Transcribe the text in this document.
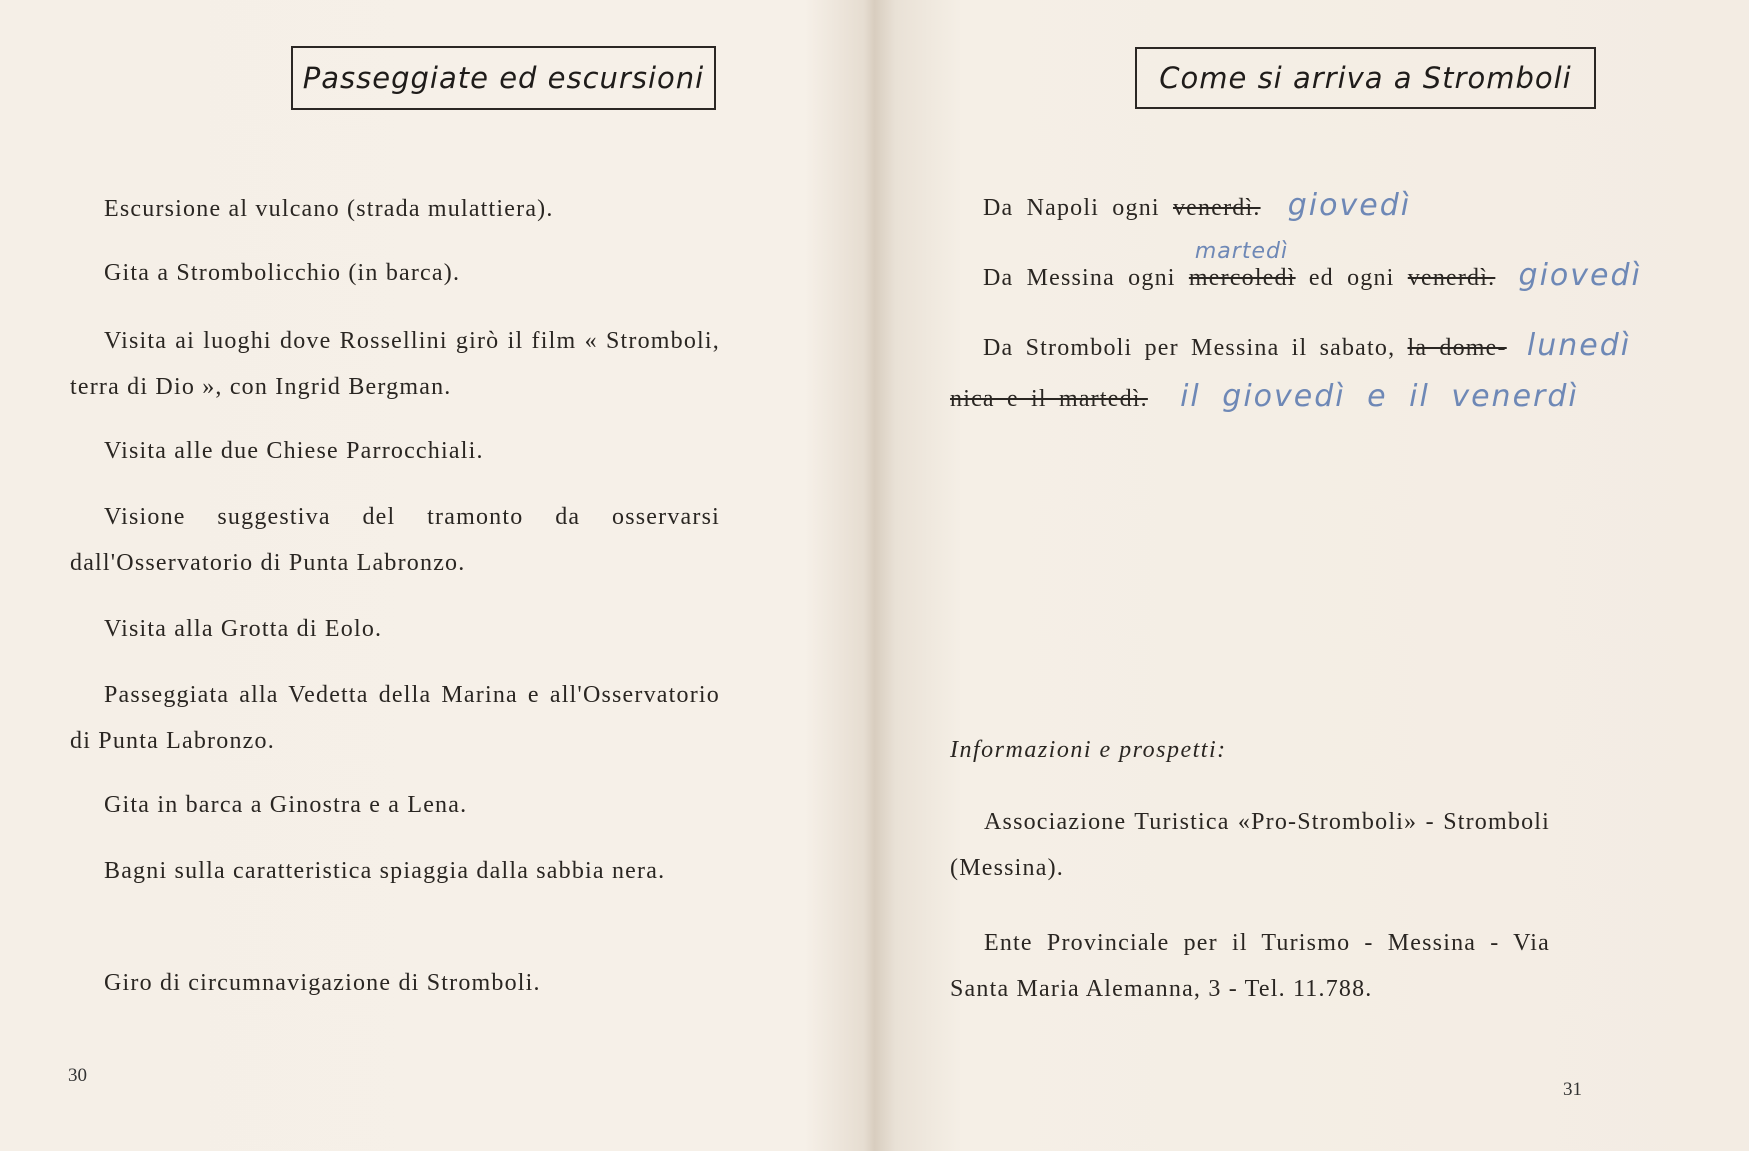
Passeggiate ed escursioni

Escursione al vulcano (strada mulattiera).

Gita a Strombolicchio (in barca).

Visita ai luoghi dove Rossellini girò il film « Stromboli, terra di Dio », con Ingrid Bergman.

Visita alle due Chiese Parrocchiali.

Visione suggestiva del tramonto da osservarsi dall'Osservatorio di Punta Labronzo.

Visita alla Grotta di Eolo.

Passeggiata alla Vedetta della Marina e all'Osservatorio di Punta Labronzo.

Gita in barca a Ginostra e a Lena.

Bagni sulla caratteristica spiaggia dalla sabbia nera.

Giro di circumnavigazione di Stromboli.

30
Come si arriva a Stromboli
Da Napoli ogni venerdì. giovedì
Da Messina ogni
martedì
mercoledì ed ogni venerdì. giovedì
Da Stromboli per Messina il sabato, la dome- lunedì
nica e il martedì. il giovedì e il venerdì

Informazioni e prospetti:

Associazione Turistica «Pro-Stromboli» - Stromboli (Messina).

Ente Provinciale per il Turismo - Messina - Via Santa Maria Alemanna, 3 - Tel. 11.788.

31
